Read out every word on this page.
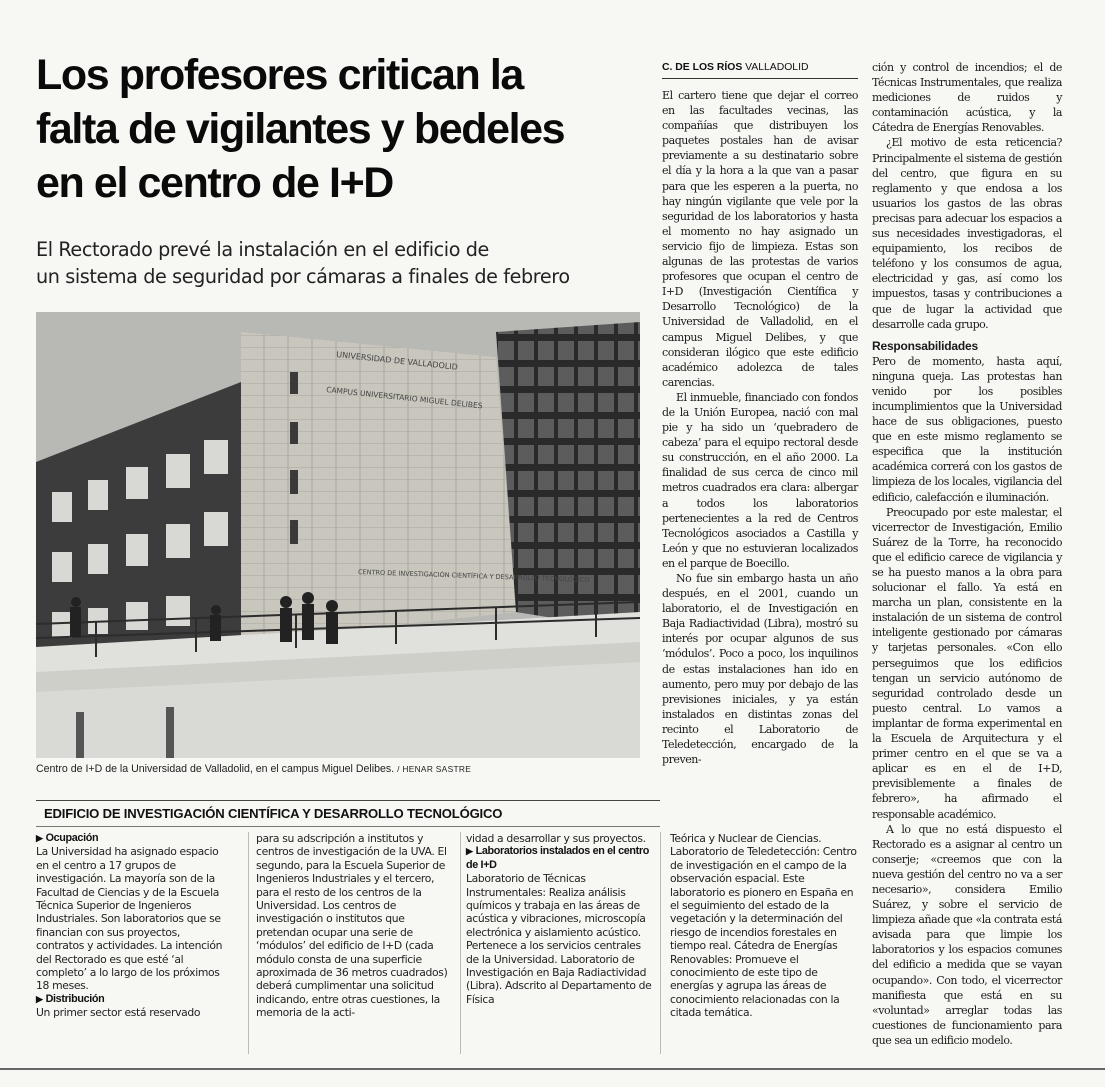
Los profesores critican la
falta de vigilantes y bedeles
en el centro de I+D
El Rectorado prevé la instalación en el edificio de
un sistema de seguridad por cámaras a finales de febrero
UNIVERSIDAD DE VALLADOLID
CAMPUS UNIVERSITARIO MIGUEL DELIBES
CENTRO DE INVESTIGACIÓN CIENTÍFICA Y DESARROLLO TECNOLÓGICO
Centro de I+D de la Universidad de Valladolid, en el campus Miguel Delibes. / HENAR SASTRE
EDIFICIO DE INVESTIGACIÓN CIENTÍFICA Y DESARROLLO TECNOLÓGICO
▶ Ocupación

La Universidad ha asignado espacio en el centro a 17 grupos de investigación. La mayoría son de la Facultad de Ciencias y de la Escuela Técnica Superior de Ingenieros Industriales. Son laboratorios que se financian con sus proyectos, contratos y actividades. La intención del Rectorado es que esté ‘al completo’ a lo largo de los próximos 18 meses.

▶ Distribución

Un primer sector está reservado

para su adscripción a institutos y centros de investigación de la UVA. El segundo, para la Escuela Superior de Ingenieros Industriales y el tercero, para el resto de los centros de la Universidad. Los centros de investigación o institutos que pretendan ocupar una serie de ‘módulos’ del edificio de I+D (cada módulo consta de una superficie aproximada de 36 metros cuadrados) deberá cumplimentar una solicitud indicando, entre otras cuestiones, la memoria de la acti-

vidad a desarrollar y sus proyectos.

▶ Laboratorios instalados en el centro de I+D

Laboratorio de Técnicas Instrumentales: Realiza análisis químicos y trabaja en las áreas de acústica y vibraciones, microscopía electrónica y aislamiento acústico. Pertenece a los servicios centrales de la Universidad. Laboratorio de Investigación en Baja Radiactividad (Libra). Adscrito al Departamento de Física

Teórica y Nuclear de Ciencias. Laboratorio de Teledetección: Centro de investigación en el campo de la observación espacial. Este laboratorio es pionero en España en el seguimiento del estado de la vegetación y la determinación del riesgo de incendios forestales en tiempo real. Cátedra de Energías Renovables: Promueve el conocimiento de este tipo de energías y agrupa las áreas de conocimiento relacionadas con la citada temática.

C. DE LOS RÍOS VALLADOLID

El cartero tiene que dejar el correo en las facultades vecinas, las compañías que distribuyen los paquetes postales han de avisar previamente a su destinatario sobre el día y la hora a la que van a pasar para que les esperen a la puerta, no hay ningún vigilante que vele por la seguridad de los laboratorios y hasta el momento no hay asignado un servicio fijo de limpieza. Estas son algunas de las protestas de varios profesores que ocupan el centro de I+D (Investigación Científica y Desarrollo Tecnológico) de la Universidad de Valladolid, en el campus Miguel Delibes, y que consideran ilógico que este edificio académico adolezca de tales carencias.

El inmueble, financiado con fondos de la Unión Europea, nació con mal pie y ha sido un ‘quebradero de cabeza’ para el equipo rectoral desde su construcción, en el año 2000. La finalidad de sus cerca de cinco mil metros cuadrados era clara: albergar a todos los laboratorios pertenecientes a la red de Centros Tecnológicos asociados a Castilla y León y que no estuvieran localizados en el parque de Boecillo.

No fue sin embargo hasta un año después, en el 2001, cuando un laboratorio, el de Investigación en Baja Radiactividad (Libra), mostró su interés por ocupar algunos de sus ‘módulos’. Poco a poco, los inquilinos de estas instalaciones han ido en aumento, pero muy por debajo de las previsiones iniciales, y ya están instalados en distintas zonas del recinto el Laboratorio de Teledetección, encargado de la preven-

ción y control de incendios; el de Técnicas Instrumentales, que realiza mediciones de ruidos y contaminación acústica, y la Cátedra de Energías Renovables.

¿El motivo de esta reticencia? Principalmente el sistema de gestión del centro, que figura en su reglamento y que endosa a los usuarios los gastos de las obras precisas para adecuar los espacios a sus necesidades investigadoras, el equipamiento, los recibos de teléfono y los consumos de agua, electricidad y gas, así como los impuestos, tasas y contribuciones a que de lugar la actividad que desarrolle cada grupo.

Responsabilidades

Pero de momento, hasta aquí, ninguna queja. Las protestas han venido por los posibles incumplimientos que la Universidad hace de sus obligaciones, puesto que en este mismo reglamento se especifica que la institución académica correrá con los gastos de limpieza de los locales, vigilancia del edificio, calefacción e iluminación.

Preocupado por este malestar, el vicerrector de Investigación, Emilio Suárez de la Torre, ha reconocido que el edificio carece de vigilancia y se ha puesto manos a la obra para solucionar el fallo. Ya está en marcha un plan, consistente en la instalación de un sistema de control inteligente gestionado por cámaras y tarjetas personales. «Con ello perseguimos que los edificios tengan un servicio autónomo de seguridad controlado desde un puesto central. Lo vamos a implantar de forma experimental en la Escuela de Arquitectura y el primer centro en el que se va a aplicar es en el de I+D, previsiblemente a finales de febrero», ha afirmado el responsable académico.

A lo que no está dispuesto el Rectorado es a asignar al centro un conserje; «creemos que con la nueva gestión del centro no va a ser necesario», considera Emilio Suárez, y sobre el servicio de limpieza añade que «la contrata está avisada para que limpie los laboratorios y los espacios comunes del edificio a medida que se vayan ocupando». Con todo, el vicerrector manifiesta que está en su «voluntad» arreglar todas las cuestiones de funcionamiento para que sea un edificio modelo.
